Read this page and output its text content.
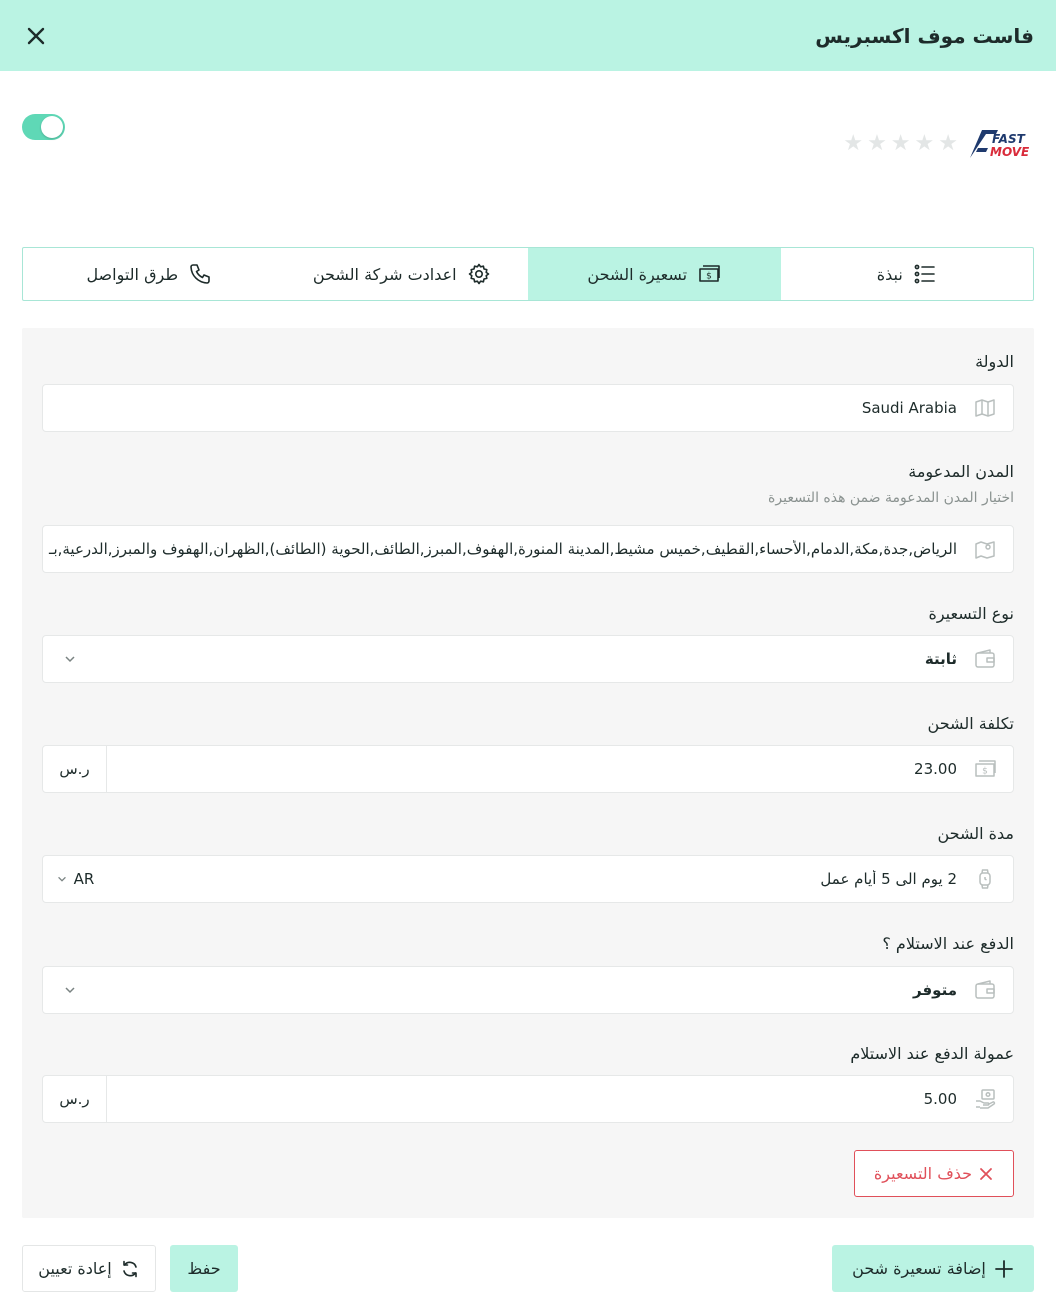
فاست موف اكسبريس
★ ★ ★ ★ ★	FAST
MOVE
نبذة
$
تسعيرة الشحن
اعدادت شركة الشحن
طرق التواصل
الدولة
Saudi Arabia
المدن المدعومة
اختيار المدن المدعومة ضمن هذه التسعيرة
الرياض,جدة,مكة,الدمام,الأحساء,القطيف,خميس مشيط,المدينة المنورة,الهفوف,المبرز,الطائف,الحوية (الطائف),الظهران,الهفوف والمبرز,الدرعية,بـ
نوع التسعيرة
ثابتة
تكلفة الشحن
$
23.00
ر.س
مدة الشحن
2 يوم الى 5 أيام عمل
AR
الدفع عند الاستلام ؟
متوفر
عمولة الدفع عند الاستلام
5.00
ر.س
حذف التسعيرة
إضافة تسعيرة شحن
حفظ
إعادة تعيين
